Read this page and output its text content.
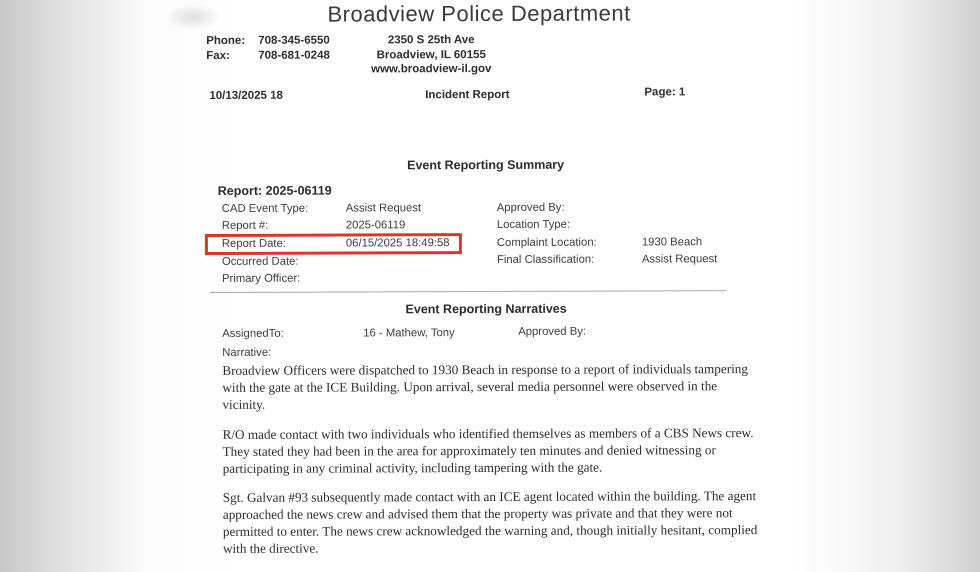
Broadview Police Department
Phone:	708-345-6550
Fax:	708-681-0248
2350 S 25th Ave
Broadview, IL 60155
www.broadview-il.gov
10/13/2025 18	Incident Report	Page: 1
Event Reporting Summary
Report: 2025-06119
CAD Event Type:	Assist Request
Report #:	2025-06119
Report Date:	06/15/2025 18:49:58
Occurred Date:
Primary Officer:
Approved By:
Location Type:
Complaint Location:	1930 Beach
Final Classification:	Assist Request
Event Reporting Narratives
AssignedTo:	16 - Mathew, Tony	Approved By:
Narrative:

Broadview Officers were dispatched to 1930 Beach in response to a report of individuals tampering with the gate at the ICE Building. Upon arrival, several media personnel were observed in the vicinity.

R/O made contact with two individuals who identified themselves as members of a CBS News crew. They stated they had been in the area for approximately ten minutes and denied witnessing or participating in any criminal activity, including tampering with the gate.

Sgt. Galvan #93 subsequently made contact with an ICE agent located within the building. The agent approached the news crew and advised them that the property was private and that they were not permitted to enter. The news crew acknowledged the warning and, though initially hesitant, complied with the directive.
